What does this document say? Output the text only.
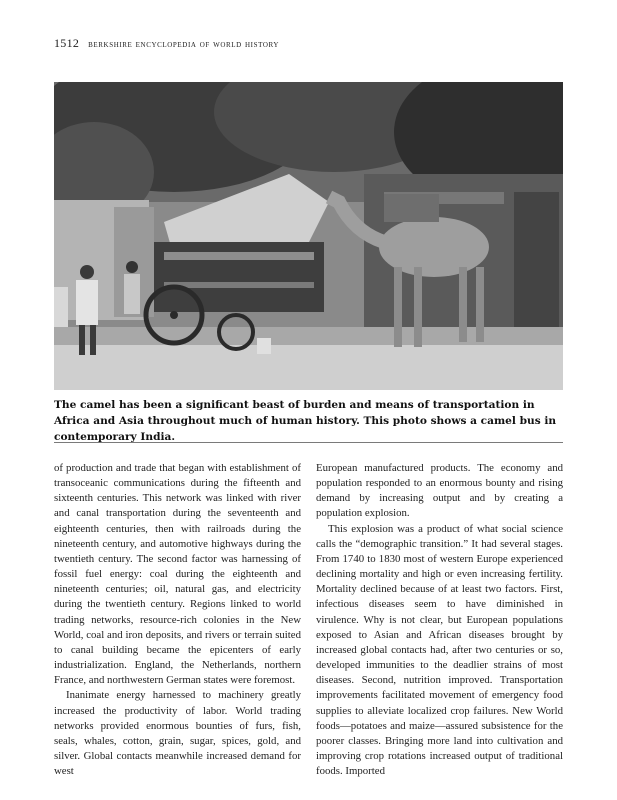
1512 berkshire encyclopedia of world history
The camel has been a significant beast of burden and means of transportation in Africa and Asia throughout much of human history. This photo shows a camel bus in contemporary India.

of production and trade that began with establishment of transoceanic communications during the fifteenth and sixteenth centuries. This network was linked with river and canal transportation during the seventeenth and eighteenth centuries, then with railroads during the nineteenth century, and automotive highways during the twentieth century. The second factor was harnessing of fossil fuel energy: coal during the eighteenth and nineteenth centuries; oil, natural gas, and electricity during the twentieth century. Regions linked to world trading networks, resource-rich colonies in the New World, coal and iron deposits, and rivers or terrain suited to canal building became the epicenters of early industrialization. England, the Netherlands, northern France, and northwestern German states were foremost.

Inanimate energy harnessed to machinery greatly increased the productivity of labor. World trading networks provided enormous bounties of furs, fish, seals, whales, cotton, grain, sugar, spices, gold, and silver. Global contacts meanwhile increased demand for west

European manufactured products. The economy and population responded to an enormous bounty and rising demand by increasing output and by creating a population explosion.

This explosion was a product of what social science calls the “demographic transition.” It had several stages. From 1740 to 1830 most of western Europe experienced declining mortality and high or even increasing fertility. Mortality declined because of at least two factors. First, infectious diseases seem to have diminished in virulence. Why is not clear, but European populations exposed to Asian and African diseases brought by increased global contacts had, after two centuries or so, developed immunities to the deadlier strains of most diseases. Second, nutrition improved. Transportation improvements facilitated movement of emergency food supplies to alleviate localized crop failures. New World foods—potatoes and maize—assured subsistence for the poorer classes. Bringing more land into cultivation and improving crop rotations increased output of traditional foods. Imported
